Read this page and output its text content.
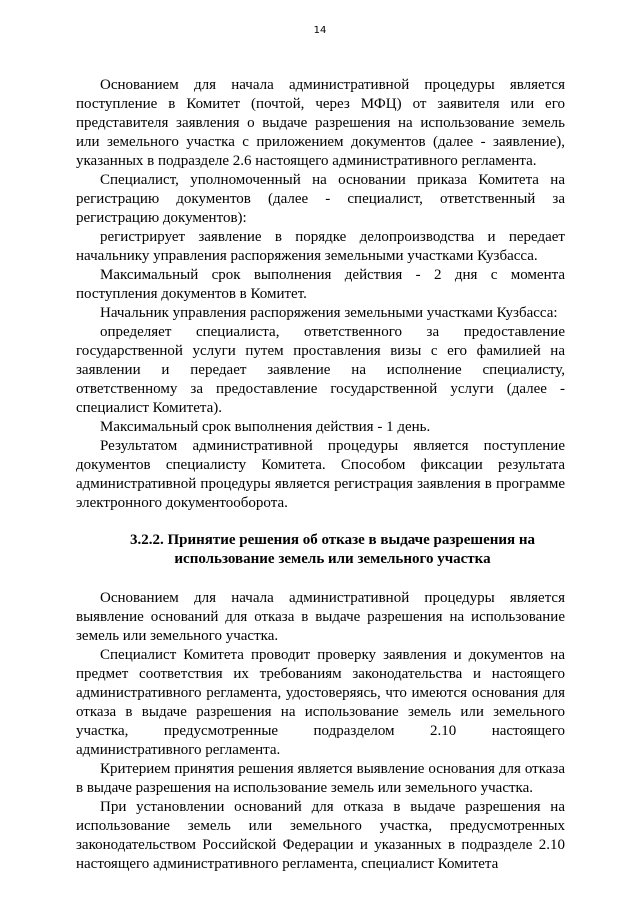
14

Основанием для начала административной процедуры является поступление в Комитет (почтой, через МФЦ) от заявителя или его представителя заявления о выдаче разрешения на использование земель или земельного участка с приложением документов (далее - заявление), указанных в подразделе 2.6 настоящего административного регламента.

Специалист, уполномоченный на основании приказа Комитета на регистрацию документов (далее - специалист, ответственный за регистрацию документов):

регистрирует заявление в порядке делопроизводства и передает начальнику управления распоряжения земельными участками Кузбасса.

Максимальный срок выполнения действия - 2 дня с момента поступления документов в Комитет.

Начальник управления распоряжения земельными участками Кузбасса:

определяет специалиста, ответственного за предоставление государственной услуги путем проставления визы с его фамилией на заявлении и передает заявление на исполнение специалисту, ответственному за предоставление государственной услуги (далее - специалист Комитета).

Максимальный срок выполнения действия - 1 день.

Результатом административной процедуры является поступление документов специалисту Комитета. Способом фиксации результата административной процедуры является регистрация заявления в программе электронного документооборота.

3.2.2. Принятие решения об отказе в выдаче разрешения на
использование земель или земельного участка

Основанием для начала административной процедуры является выявление оснований для отказа в выдаче разрешения на использование земель или земельного участка.

Специалист Комитета проводит проверку заявления и документов на предмет соответствия их требованиям законодательства и настоящего административного регламента, удостоверяясь, что имеются основания для отказа в выдаче разрешения на использование земель или земельного участка, предусмотренные подразделом 2.10 настоящего административного регламента.

Критерием принятия решения является выявление основания для отказа в выдаче разрешения на использование земель или земельного участка.

При установлении оснований для отказа в выдаче разрешения на использование земель или земельного участка, предусмотренных законодательством Российской Федерации и указанных в подразделе 2.10 настоящего административного регламента, специалист Комитета
